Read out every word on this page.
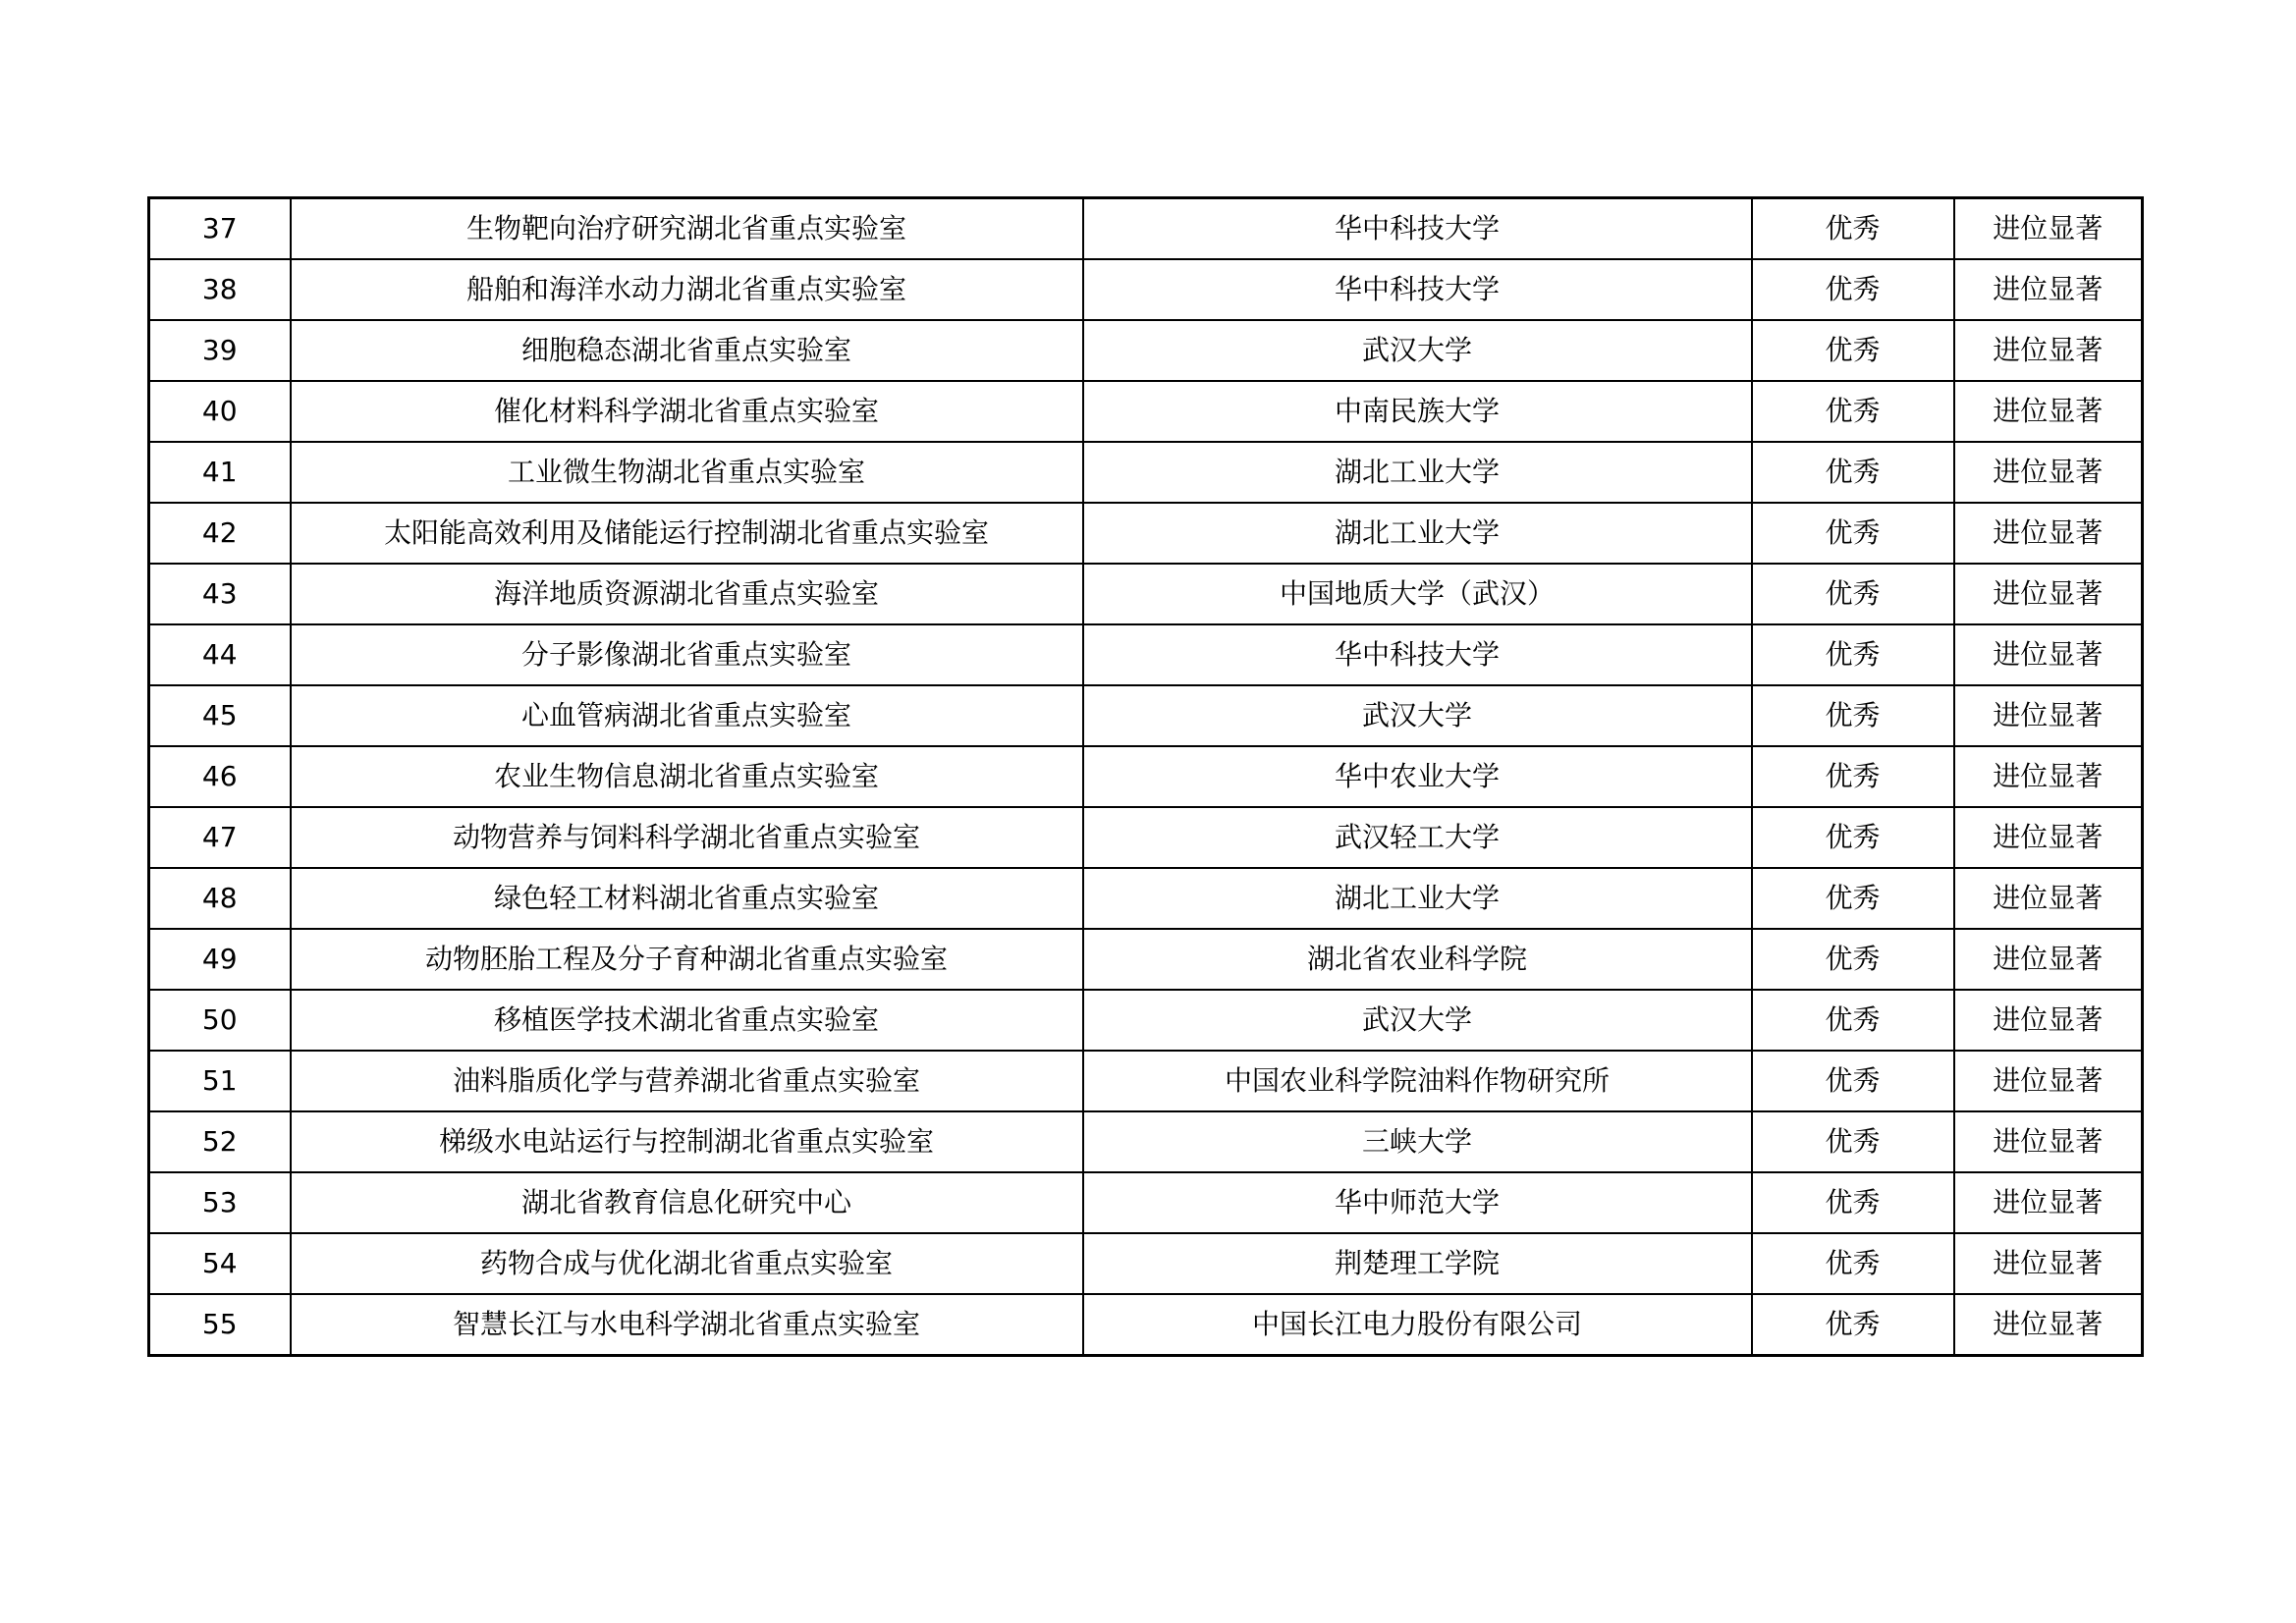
37	生物靶向治疗研究湖北省重点实验室	华中科技大学	优秀	进位显著
38	船舶和海洋水动力湖北省重点实验室	华中科技大学	优秀	进位显著
39	细胞稳态湖北省重点实验室	武汉大学	优秀	进位显著
40	催化材料科学湖北省重点实验室	中南民族大学	优秀	进位显著
41	工业微生物湖北省重点实验室	湖北工业大学	优秀	进位显著
42	太阳能高效利用及储能运行控制湖北省重点实验室	湖北工业大学	优秀	进位显著
43	海洋地质资源湖北省重点实验室	中国地质大学（武汉）	优秀	进位显著
44	分子影像湖北省重点实验室	华中科技大学	优秀	进位显著
45	心血管病湖北省重点实验室	武汉大学	优秀	进位显著
46	农业生物信息湖北省重点实验室	华中农业大学	优秀	进位显著
47	动物营养与饲料科学湖北省重点实验室	武汉轻工大学	优秀	进位显著
48	绿色轻工材料湖北省重点实验室	湖北工业大学	优秀	进位显著
49	动物胚胎工程及分子育种湖北省重点实验室	湖北省农业科学院	优秀	进位显著
50	移植医学技术湖北省重点实验室	武汉大学	优秀	进位显著
51	油料脂质化学与营养湖北省重点实验室	中国农业科学院油料作物研究所	优秀	进位显著
52	梯级水电站运行与控制湖北省重点实验室	三峡大学	优秀	进位显著
53	湖北省教育信息化研究中心	华中师范大学	优秀	进位显著
54	药物合成与优化湖北省重点实验室	荆楚理工学院	优秀	进位显著
55	智慧长江与水电科学湖北省重点实验室	中国长江电力股份有限公司	优秀	进位显著
